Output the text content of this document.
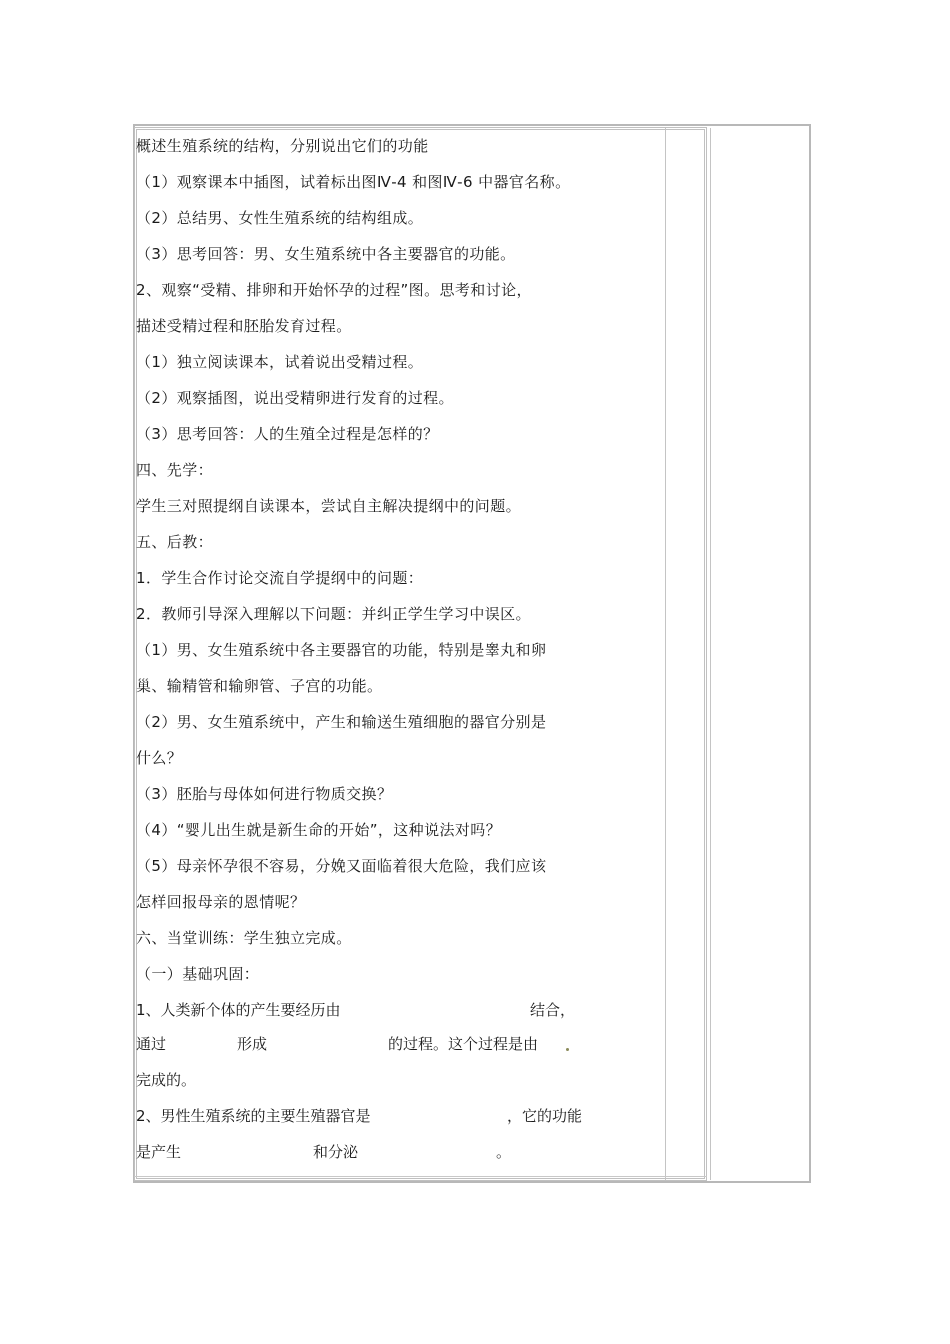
概述生殖系统的结构，分别说出它们的功能
（1）观察课本中插图，试着标出图Ⅳ-4 和图Ⅳ-6 中器官名称。
（2）总结男、女性生殖系统的结构组成。
（3）思考回答：男、女生殖系统中各主要器官的功能。
2、观察“受精、排卵和开始怀孕的过程”图。思考和讨论，
描述受精过程和胚胎发育过程。
（1）独立阅读课本，试着说出受精过程。
（2）观察插图，说出受精卵进行发育的过程。
（3）思考回答：人的生殖全过程是怎样的？
四、先学：
学生三对照提纲自读课本，尝试自主解决提纲中的问题。
五、后教：
1．学生合作讨论交流自学提纲中的问题：
2．教师引导深入理解以下问题：并纠正学生学习中误区。
（1）男、女生殖系统中各主要器官的功能，特别是睾丸和卵
巢、输精管和输卵管、子宫的功能。
（2）男、女生殖系统中，产生和输送生殖细胞的器官分别是
什么？
（3）胚胎与母体如何进行物质交换？
（4）“婴儿出生就是新生命的开始”，这种说法对吗？
（5）母亲怀孕很不容易，分娩又面临着很大危险，我们应该
怎样回报母亲的恩情呢？
六、当堂训练：学生独立完成。
（一）基础巩固：
1、人类新个体的产生要经历由	结合，
通过	形成	的过程。这个过程是由
完成的。
2、男性生殖系统的主要生殖器官是	，它的功能
是产生	和分泌	。
